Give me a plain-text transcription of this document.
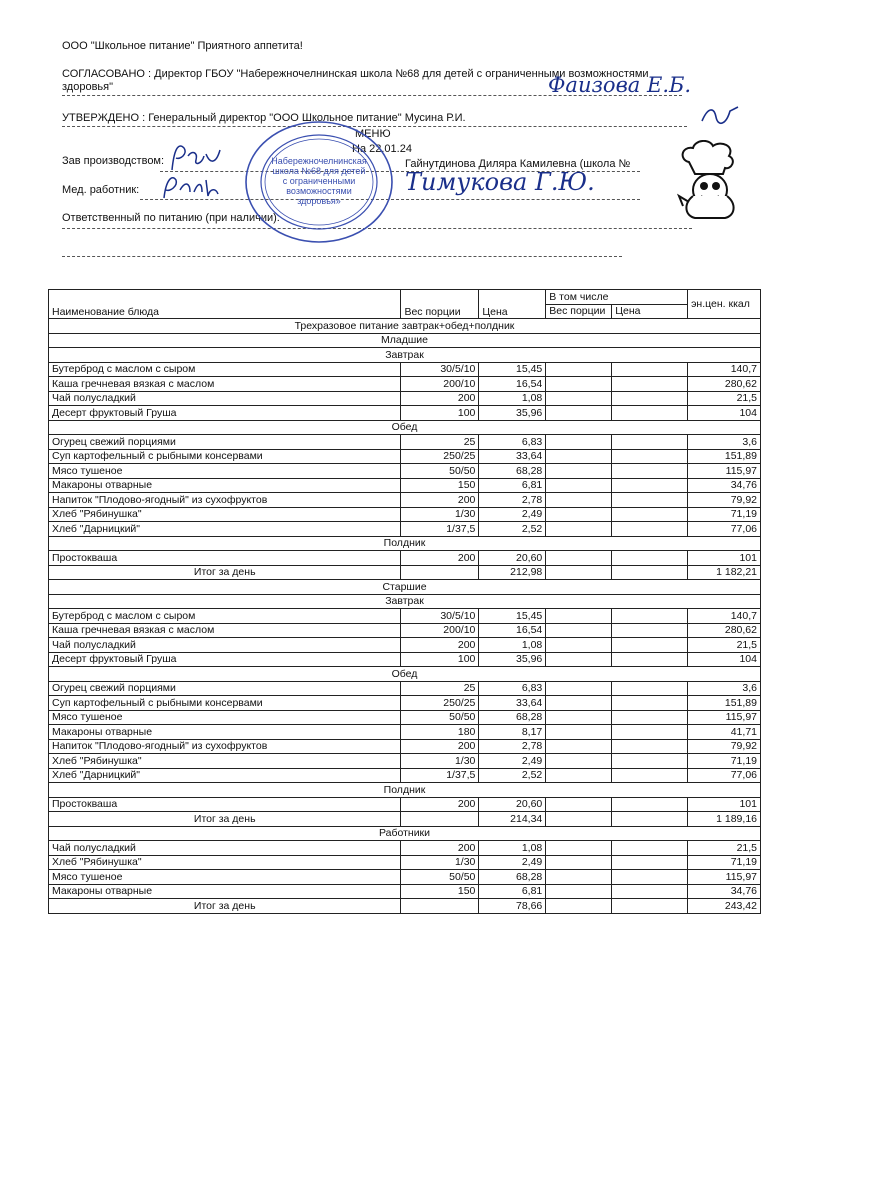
ООО "Школьное питание" Приятного аппетита!
СОГЛАСОВАНО : Директор ГБОУ "Набережночелнинская школа №68 для детей с ограниченными возможностями
здоровья"	Фаизова Е.Б.
УТВЕРЖДЕНО : Генеральный директор "ООО Школьное питание" Мусина Р.И.
МЕНЮ
На 22.01.24
Зав производством:	Гайнутдинова Диляра Камилевна (школа №
Мед. работник:	Тимукова Г.Ю.
Ответственный по питанию (при наличии):
Набережночелнинская школа №68 для детей с ограниченными возможностями здоровья»
Наименование блюда	Вес порции	Цена	В том числе		эн.цен. ккал
			Вес порции	Цена	
Трехразовое питание завтрак+обед+полдник					
Младшие					
Завтрак					
Бутерброд с маслом с сыром	30/5/10	15,45			140,7
Каша гречневая вязкая с маслом	200/10	16,54			280,62
Чай полусладкий	200	1,08			21,5
Десерт фруктовый Груша	100	35,96			104
Обед					
Огурец свежий порциями	25	6,83			3,6
Суп картофельный с рыбными консервами	250/25	33,64			151,89
Мясо тушеное	50/50	68,28			115,97
Макароны отварные	150	6,81			34,76
Напиток "Плодово-ягодный" из сухофруктов	200	2,78			79,92
Хлеб "Рябинушка"	1/30	2,49			71,19
Хлеб "Дарницкий"	1/37,5	2,52			77,06
Полдник					
Простокваша	200	20,60			101
Итог за день		212,98			1 182,21
Старшие					
Завтрак					
Бутерброд с маслом с сыром	30/5/10	15,45			140,7
Каша гречневая вязкая с маслом	200/10	16,54			280,62
Чай полусладкий	200	1,08			21,5
Десерт фруктовый Груша	100	35,96			104
Обед					
Огурец свежий порциями	25	6,83			3,6
Суп картофельный с рыбными консервами	250/25	33,64			151,89
Мясо тушеное	50/50	68,28			115,97
Макароны отварные	180	8,17			41,71
Напиток "Плодово-ягодный" из сухофруктов	200	2,78			79,92
Хлеб "Рябинушка"	1/30	2,49			71,19
Хлеб "Дарницкий"	1/37,5	2,52			77,06
Полдник					
Простокваша	200	20,60			101
Итог за день		214,34			1 189,16
Работники					
Чай полусладкий	200	1,08			21,5
Хлеб "Рябинушка"	1/30	2,49			71,19
Мясо тушеное	50/50	68,28			115,97
Макароны отварные	150	6,81			34,76
Итог за день		78,66			243,42
